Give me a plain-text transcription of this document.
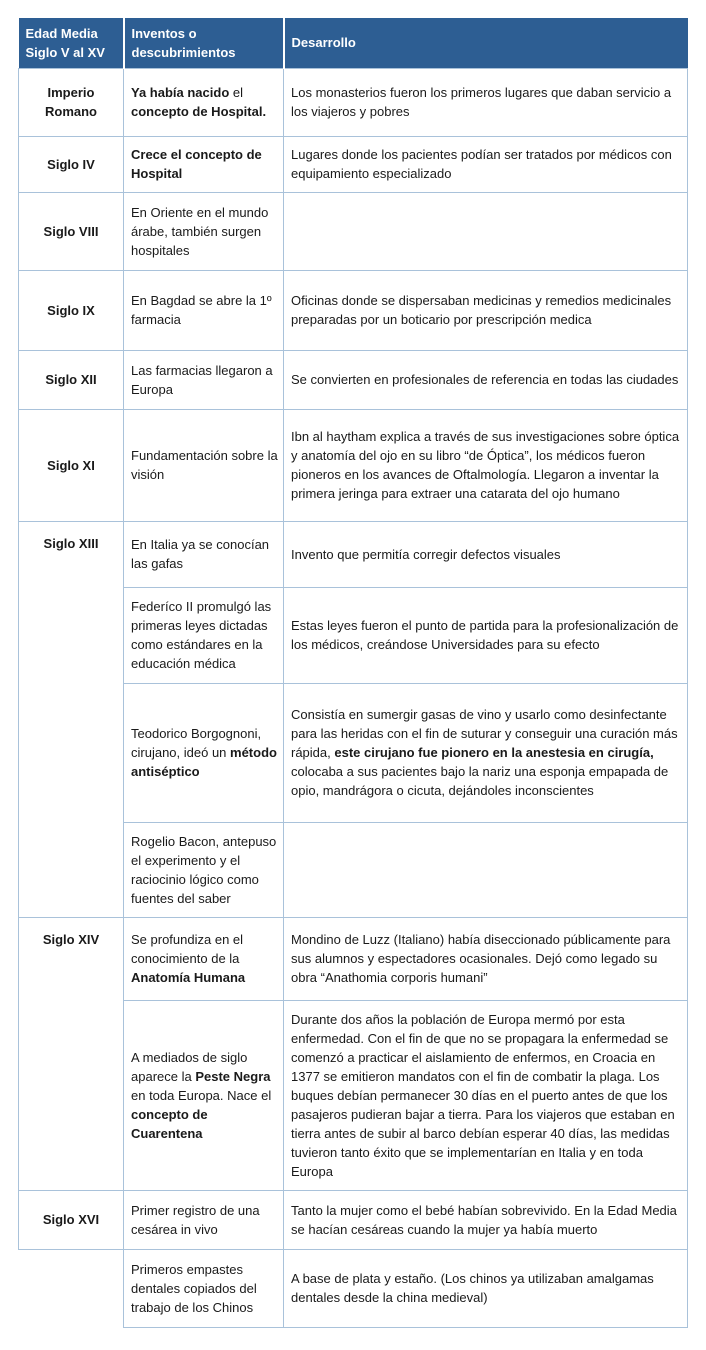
Edad Media Siglo V al XV	Inventos o descubrimientos	Desarrollo
Imperio Romano	Ya había nacido el concepto de Hospital.	Los monasterios fueron los primeros lugares que daban servicio a los viajeros y pobres
Siglo IV	Crece el concepto de Hospital	Lugares donde los pacientes podían ser tratados por médicos con equipamiento especializado
Siglo VIII	En Oriente en el mundo árabe, también surgen hospitales	
Siglo IX	En Bagdad se abre la 1º farmacia	Oficinas donde se dispersaban medicinas y remedios medicinales preparadas por un boticario por prescripción medica
Siglo XII	Las farmacias llegaron a Europa	Se convierten en profesionales de referencia en todas las ciudades
Siglo XI	Fundamentación sobre la visión	Ibn al haytham explica a través de sus investigaciones sobre óptica y anatomía del ojo en su libro “de Óptica”, los médicos fueron pioneros en los avances de Oftalmología. Llegaron a inventar la primera jeringa para extraer una catarata del ojo humano
Siglo XIII	En Italia ya se conocían las gafas	Invento que permitía corregir defectos visuales
	Federíco II promulgó las primeras leyes dictadas como estándares en la educación médica	Estas leyes fueron el punto de partida para la profesionalización de los médicos, creándose Universidades para su efecto
	Teodorico Borgognoni, cirujano, ideó un método antiséptico	Consistía en sumergir gasas de vino y usarlo como desinfectante para las heridas con el fin de suturar y conseguir una curación más rápida, este cirujano fue pionero en la anestesia en cirugía, colocaba a sus pacientes bajo la nariz una esponja empapada de opio, mandrágora o cicuta, dejándoles inconscientes
	Rogelio Bacon, antepuso el experimento y el raciocinio lógico como fuentes del saber	
Siglo XIV	Se profundiza en el conocimiento de la Anatomía Humana	Mondino de Luzz (Italiano) había diseccionado públicamente para sus alumnos y espectadores ocasionales. Dejó como legado su obra “Anathomia corporis humani”
	A mediados de siglo aparece la Peste Negra en toda Europa. Nace el concepto de Cuarentena	Durante dos años la población de Europa mermó por esta enfermedad. Con el fin de que no se propagara la enfermedad se comenzó a practicar el aislamiento de enfermos, en Croacia en 1377 se emitieron mandatos con el fin de combatir la plaga. Los buques debían permanecer 30 días en el puerto antes de que los pasajeros pudieran bajar a tierra. Para los viajeros que estaban en tierra antes de subir al barco debían esperar 40 días, las medidas tuvieron tanto éxito que se implementarían en Italia y en toda Europa
Siglo XVI	Primer registro de una cesárea in vivo	Tanto la mujer como el bebé habían sobrevivido. En la Edad Media se hacían cesáreas cuando la mujer ya había muerto
	Primeros empastes dentales copiados del trabajo de los Chinos	A base de plata y estaño. (Los chinos ya utilizaban amalgamas dentales desde la china medieval)
